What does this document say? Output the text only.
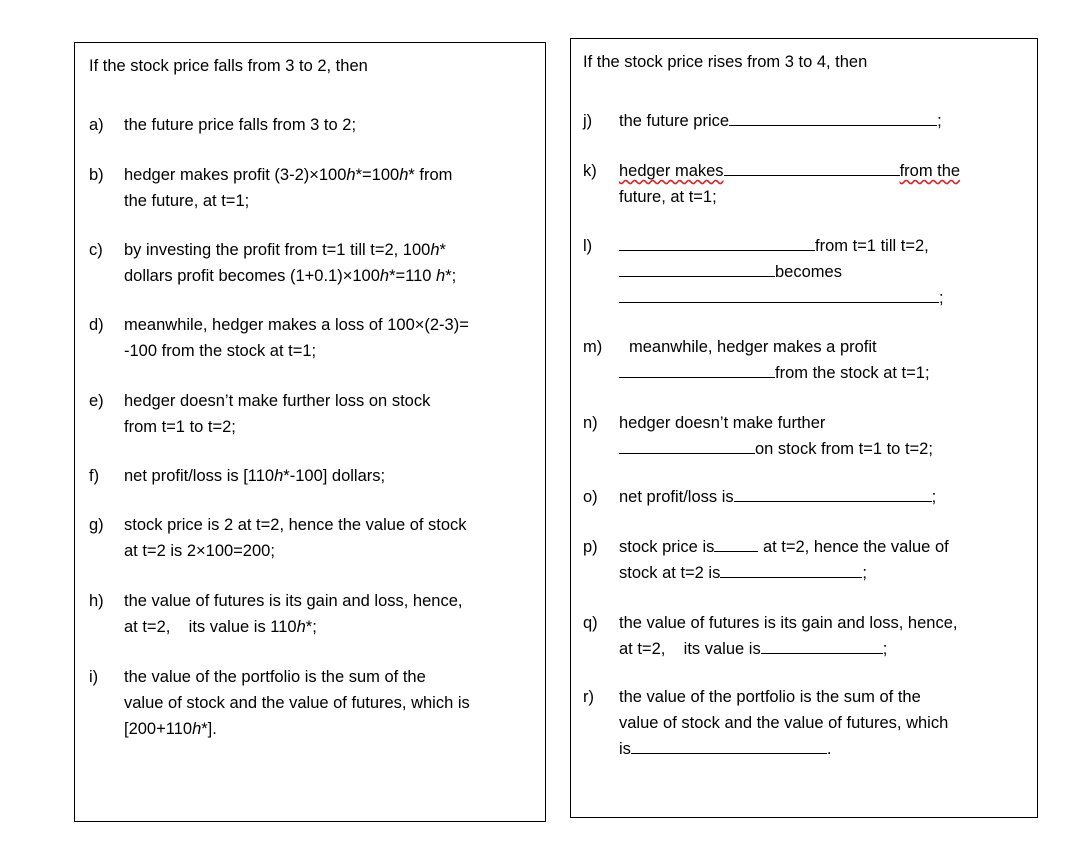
If the stock price falls from 3 to 2, then
a) the future price falls from 3 to 2;
b) hedger makes profit (3-2)×100h*=100h* from
the future, at t=1;
c) by investing the profit from t=1 till t=2, 100h*
dollars profit becomes (1+0.1)×100h*=110 h*;
d) meanwhile, hedger makes a loss of 100×(2-3)=
-100 from the stock at t=1;
e) hedger doesn’t make further loss on stock
from t=1 to t=2;
f) net profit/loss is [110h*-100] dollars;
g) stock price is 2 at t=2, hence the value of stock
at t=2 is 2×100=200;
h) the value of futures is its gain and loss, hence,
at t=2,    its value is 110h*;
i) the value of the portfolio is the sum of the
value of stock and the value of futures, which is
[200+110h*].
If the stock price rises from 3 to 4, then
j) the future price	;
k) hedger makes	from the
future, at t=1;
l)	from t=1 till t=2,
becomes
;
m) meanwhile, hedger makes a profit
from the stock at t=1;
n) hedger doesn’t make further
on stock from t=1 to t=2;
o) net profit/loss is	;
p) stock price is	at t=2, hence the value of
stock at t=2 is	;
q) the value of futures is its gain and loss, hence,
at t=2,    its value is	;
r) the value of the portfolio is the sum of the
value of stock and the value of futures, which
is	.
